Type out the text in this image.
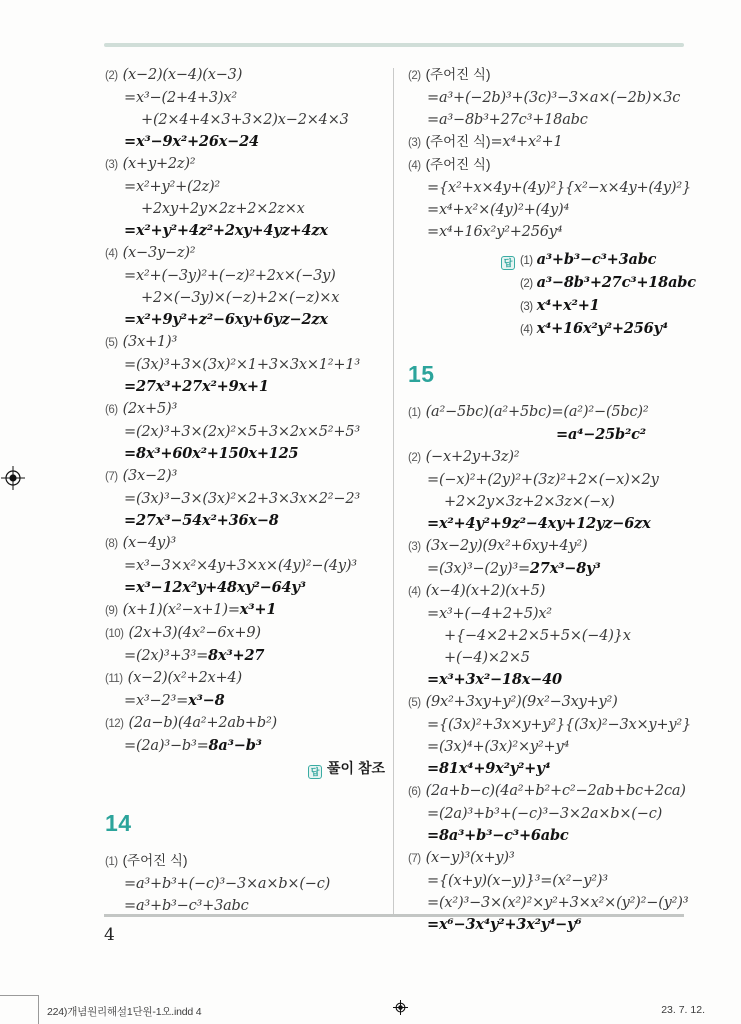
(2) (x−2)(x−4)(x−3)
=x³−(2+4+3)x²
+(2×4+4×3+3×2)x−2×4×3
=x³−9x²+26x−24
(3) (x+y+2z)²
=x²+y²+(2z)²
+2xy+2y×2z+2×2z×x
=x²+y²+4z²+2xy+4yz+4zx
(4) (x−3y−z)²
=x²+(−3y)²+(−z)²+2x×(−3y)
+2×(−3y)×(−z)+2×(−z)×x
=x²+9y²+z²−6xy+6yz−2zx
(5) (3x+1)³
=(3x)³+3×(3x)²×1+3×3x×1²+1³
=27x³+27x²+9x+1
(6) (2x+5)³
=(2x)³+3×(2x)²×5+3×2x×5²+5³
=8x³+60x²+150x+125
(7) (3x−2)³
=(3x)³−3×(3x)²×2+3×3x×2²−2³
=27x³−54x²+36x−8
(8) (x−4y)³
=x³−3×x²×4y+3×x×(4y)²−(4y)³
=x³−12x²y+48xy²−64y³
(9) (x+1)(x²−x+1)=x³+1
(10) (2x+3)(4x²−6x+9)
=(2x)³+3³=8x³+27
(11) (x−2)(x²+2x+4)
=x³−2³=x³−8
(12) (2a−b)(4a²+2ab+b²)
=(2a)³−b³=8a³−b³
답 풀이 참조
14
(1) (주어진 식)
=a³+b³+(−c)³−3×a×b×(−c)
=a³+b³−c³+3abc
(2) (주어진 식)
=a³+(−2b)³+(3c)³−3×a×(−2b)×3c
=a³−8b³+27c³+18abc
(3) (주어진 식)=x⁴+x²+1
(4) (주어진 식)
={x²+x×4y+(4y)²}{x²−x×4y+(4y)²}
=x⁴+x²×(4y)²+(4y)⁴
=x⁴+16x²y²+256y⁴
답 (1) a³+b³−c³+3abc
(2) a³−8b³+27c³+18abc
(3) x⁴+x²+1
(4) x⁴+16x²y²+256y⁴
15
(1) (a²−5bc)(a²+5bc)=(a²)²−(5bc)²
=a⁴−25b²c²
(2) (−x+2y+3z)²
=(−x)²+(2y)²+(3z)²+2×(−x)×2y
+2×2y×3z+2×3z×(−x)
=x²+4y²+9z²−4xy+12yz−6zx
(3) (3x−2y)(9x²+6xy+4y²)
=(3x)³−(2y)³=27x³−8y³
(4) (x−4)(x+2)(x+5)
=x³+(−4+2+5)x²
+{−4×2+2×5+5×(−4)}x
+(−4)×2×5
=x³+3x²−18x−40
(5) (9x²+3xy+y²)(9x²−3xy+y²)
={(3x)²+3x×y+y²}{(3x)²−3x×y+y²}
=(3x)⁴+(3x)²×y²+y⁴
=81x⁴+9x²y²+y⁴
(6) (2a+b−c)(4a²+b²+c²−2ab+bc+2ca)
=(2a)³+b³+(−c)³−3×2a×b×(−c)
=8a³+b³−c³+6abc
(7) (x−y)³(x+y)³
={(x+y)(x−y)}³=(x²−y²)³
=(x²)³−3×(x²)²×y²+3×x²×(y²)²−(y²)³
=x⁶−3x⁴y²+3x²y⁴−y⁶
4
224)개념원리해설1단원-1오.indd 4	23. 7. 12.
